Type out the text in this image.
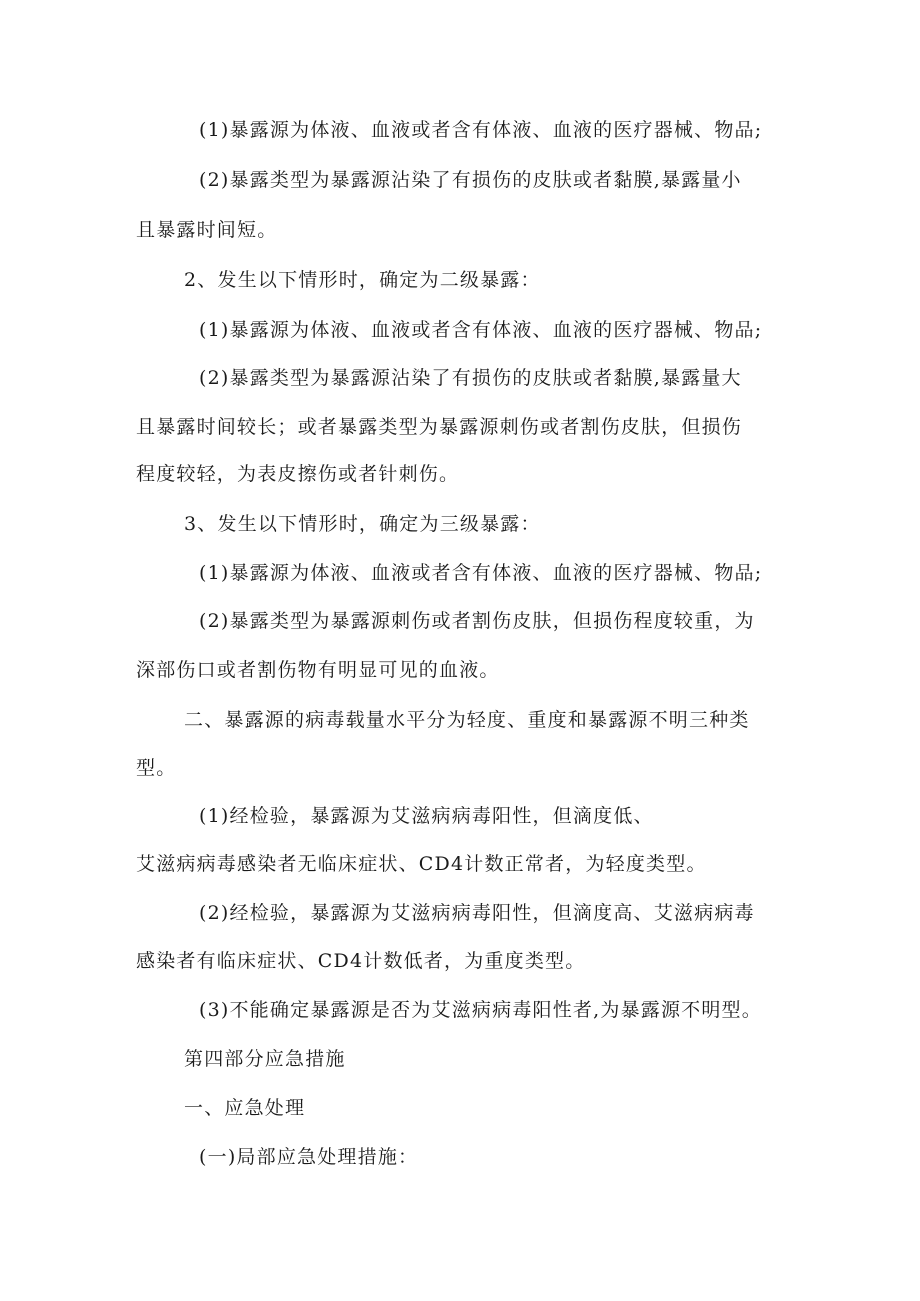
(1)暴露源为体液、血液或者含有体液、血液的医疗器械、物品;
(2)暴露类型为暴露源沾染了有损伤的皮肤或者黏膜,暴露量小
且暴露时间短。
2、发生以下情形时，确定为二级暴露：
(1)暴露源为体液、血液或者含有体液、血液的医疗器械、物品;
(2)暴露类型为暴露源沾染了有损伤的皮肤或者黏膜,暴露量大
且暴露时间较长；或者暴露类型为暴露源刺伤或者割伤皮肤，但损伤
程度较轻，为表皮擦伤或者针刺伤。
3、发生以下情形时，确定为三级暴露：
(1)暴露源为体液、血液或者含有体液、血液的医疗器械、物品;
(2)暴露类型为暴露源刺伤或者割伤皮肤，但损伤程度较重，为
深部伤口或者割伤物有明显可见的血液。
二、暴露源的病毒载量水平分为轻度、重度和暴露源不明三种类
型。
(1)经检验，暴露源为艾滋病病毒阳性，但滴度低、
艾滋病病毒感染者无临床症状、CD4计数正常者，为轻度类型。
(2)经检验，暴露源为艾滋病病毒阳性，但滴度高、艾滋病病毒
感染者有临床症状、CD4计数低者，为重度类型。
(3)不能确定暴露源是否为艾滋病病毒阳性者,为暴露源不明型。
第四部分应急措施
一、应急处理
(一)局部应急处理措施：
